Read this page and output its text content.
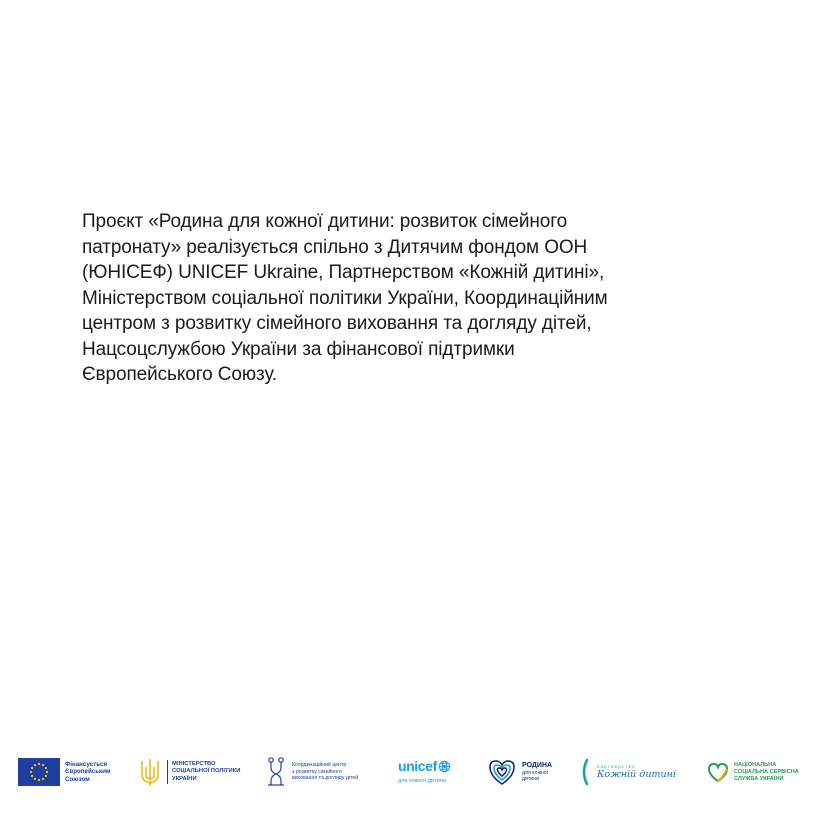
Проєкт «Родина для кожної дитини: розвиток сімейного
патронату» реалізується спільно з Дитячим фондом ООН
(ЮНІСЕФ) UNICEF Ukraine, Партнерством «Кожній дитині»,
Міністерством соціальної політики України, Координаційним
центром з розвитку сімейного виховання та догляду дітей,
Нацсоцслужбою України за фінансової підтримки
Європейського Союзу.
Фінансується
Європейським
Союзом
МІНІСТЕРСТВО
СОЦІАЛЬНОЇ ПОЛІТИКИ
УКРАЇНИ
Координаційний центр
з розвитку сімейного
виховання та догляду дітей
unicef
для кожної дитини
РОДИНА
для кожної
дитини
партнерство
Кожній дитині
НАЦІОНАЛЬНА
СОЦІАЛЬНА СЕРВІСНА
СЛУЖБА УКРАЇНИ
